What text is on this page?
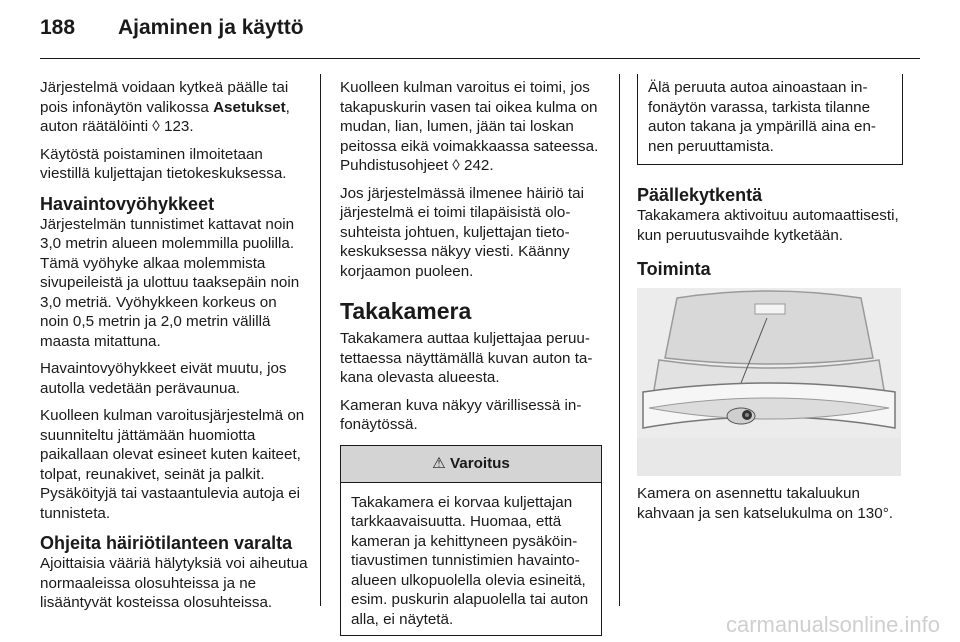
188 Ajaminen ja käyttö

Järjestelmä voidaan kytkeä päälle tai pois infonäytön valikossa Asetukset, auton räätälöinti ◊ 123.

Käytöstä poistaminen ilmoitetaan viestillä kuljettajan tietokeskuksessa.

Havaintovyöhykkeet

Järjestelmän tunnistimet kattavat noin 3,0 metrin alueen molemmilla puolilla. Tämä vyöhyke alkaa molemmista sivupeileistä ja ulottuu taaksepäin noin 3,0 metriä. Vyöhykkeen korkeus on noin 0,5 metrin ja 2,0 metrin välillä maasta mitattuna.

Havaintovyöhykkeet eivät muutu, jos autolla vedetään perävaunua.

Kuolleen kulman varoitusjärjestelmä on suunniteltu jättämään huomiotta paikallaan olevat esineet kuten kaiteet, tolpat, reunakivet, seinät ja palkit. Pysäköityjä tai vastaantulevia autoja ei tunnisteta.

Ohjeita häiriötilanteen varalta

Ajoittaisia vääriä hälytyksiä voi aiheutua normaaleissa olosuhteissa ja ne lisääntyvät kosteissa olosuhteissa.

Kuolleen kulman varoitus ei toimi, jos takapuskurin vasen tai oikea kulma on mudan, lian, lumen, jään tai loskan peitossa eikä voimakkaassa sateessa. Puhdistusohjeet ◊ 242.

Jos järjestelmässä ilmenee häiriö tai järjestelmä ei toimi tilapäisistä olosuhteista johtuen, kuljettajan tietokeskuksessa näkyy viesti. Käänny korjaamon puoleen.

Takakamera

Takakamera auttaa kuljettajaa peruutettaessa näyttämällä kuvan auton takana olevasta alueesta.

Kameran kuva näkyy värillisessä infonäytössä.

⚠ Varoitus
Takakamera ei korvaa kuljettajan tarkkaavaisuutta. Huomaa, että kameran ja kehittyneen pysäköintiavustimen tunnistimien havaintoalueen ulkopuolella olevia esineitä, esim. puskurin alapuolella tai auton alla, ei näytetä.
Älä peruuta autoa ainoastaan infonäytön varassa, tarkista tilanne auton takana ja ympärillä aina ennen peruuttamista.
Päällekytkentä

Takakamera aktivoituu automaattisesti, kun peruutusvaihde kytketään.

Toiminta

Kamera on asennettu takaluukun kahvaan ja sen katselukulma on 130°.

carmanualsonline.info
